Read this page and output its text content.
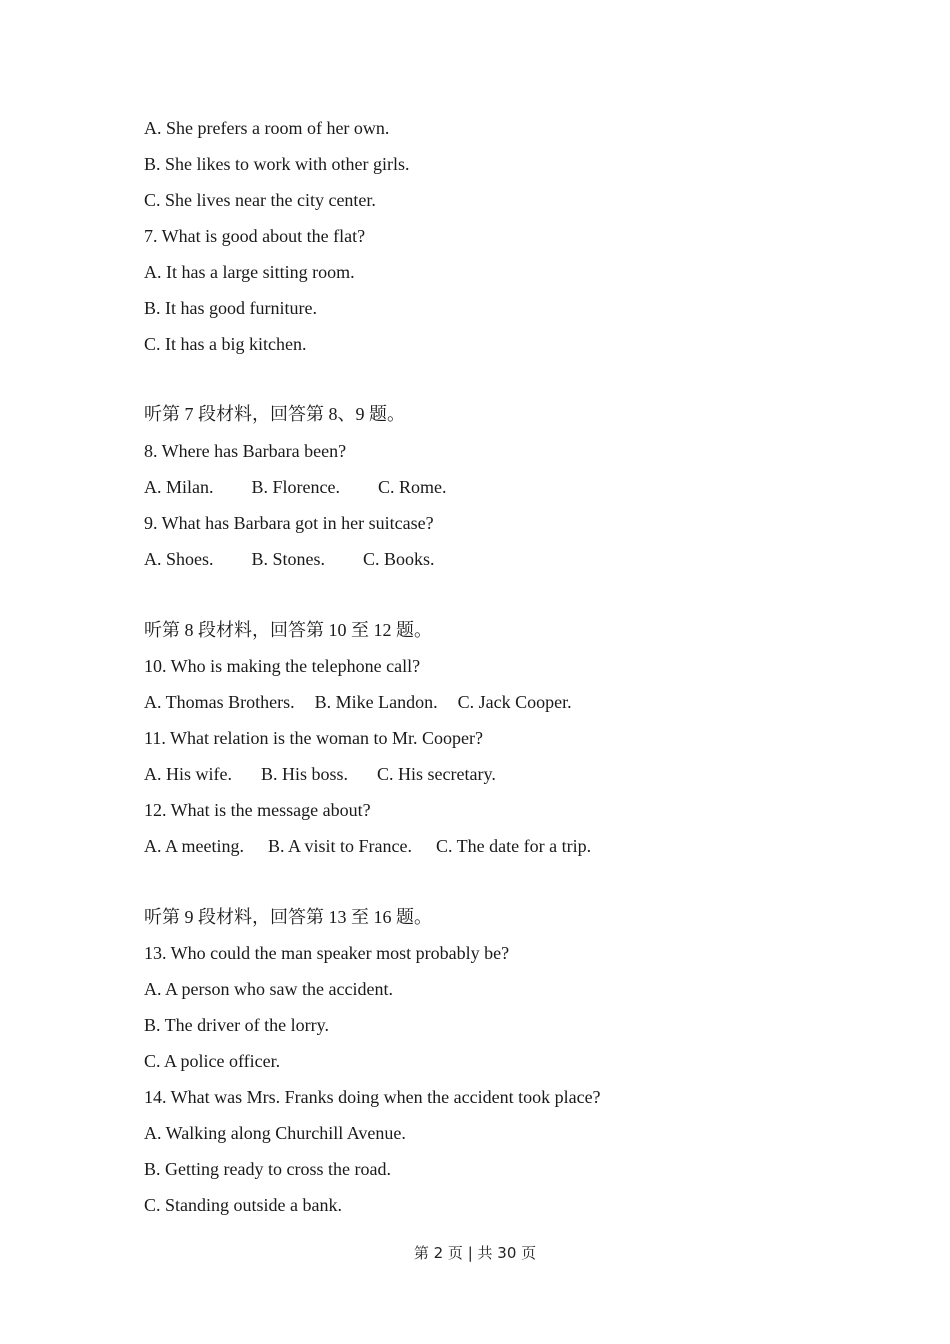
A. She prefers a room of her own.
B. She likes to work with other girls.
C. She lives near the city center.
7. What is good about the flat?
A. It has a large sitting room.
B. It has good furniture.
C. It has a big kitchen.
听第 7 段材料，回答第 8、9 题。
8. Where has Barbara been?
A. Milan. B. Florence. C. Rome.
9. What has Barbara got in her suitcase?
A. Shoes. B. Stones. C. Books.
听第 8 段材料，回答第 10 至 12 题。
10. Who is making the telephone call?
A. Thomas Brothers. B. Mike Landon. C. Jack Cooper.
11. What relation is the woman to Mr. Cooper?
A. His wife. B. His boss. C. His secretary.
12. What is the message about?
A. A meeting. B. A visit to France. C. The date for a trip.
听第 9 段材料，回答第 13 至 16 题。
13. Who could the man speaker most probably be?
A. A person who saw the accident.
B. The driver of the lorry.
C. A police officer.
14. What was Mrs. Franks doing when the accident took place?
A. Walking along Churchill Avenue.
B. Getting ready to cross the road.
C. Standing outside a bank.
第 2 页 | 共 30 页
